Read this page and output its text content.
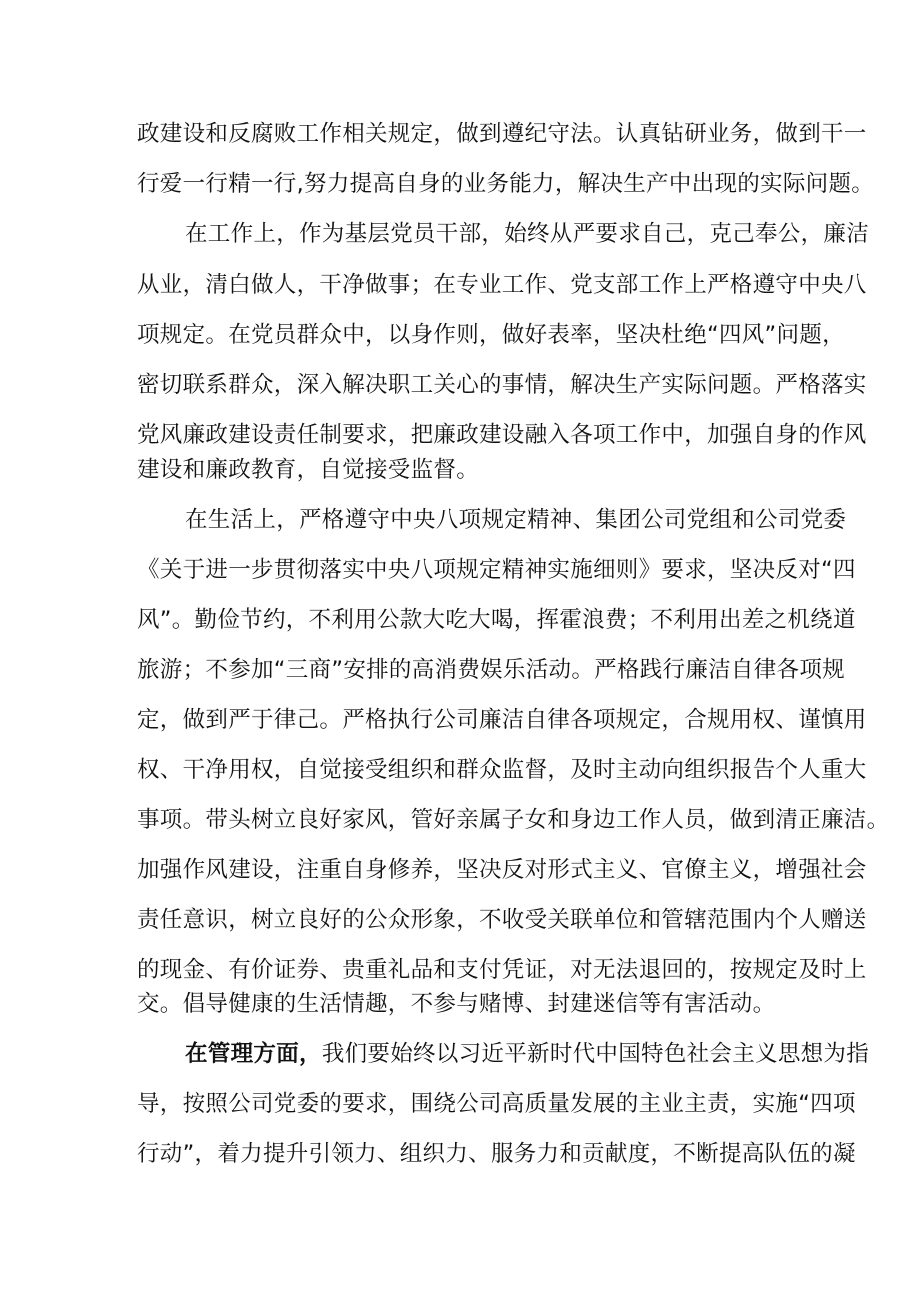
政建设和反腐败工作相关规定，做到遵纪守法。认真钻研业务，做到干一
行爱一行精一行,努力提高自身的业务能力，解决生产中出现的实际问题。
在工作上，作为基层党员干部，始终从严要求自己，克己奉公，廉洁
从业，清白做人，干净做事；在专业工作、党支部工作上严格遵守中央八
项规定。在党员群众中，以身作则，做好表率，坚决杜绝“四风”问题，
密切联系群众，深入解决职工关心的事情，解决生产实际问题。严格落实
党风廉政建设责任制要求，把廉政建设融入各项工作中，加强自身的作风
建设和廉政教育，自觉接受监督。
在生活上，严格遵守中央八项规定精神、集团公司党组和公司党委
《关于进一步贯彻落实中央八项规定精神实施细则》要求，坚决反对“四
风”。勤俭节约，不利用公款大吃大喝，挥霍浪费；不利用出差之机绕道
旅游；不参加“三商”安排的高消费娱乐活动。严格践行廉洁自律各项规
定，做到严于律己。严格执行公司廉洁自律各项规定，合规用权、谨慎用
权、干净用权，自觉接受组织和群众监督，及时主动向组织报告个人重大
事项。带头树立良好家风，管好亲属子女和身边工作人员，做到清正廉洁。
加强作风建设，注重自身修养，坚决反对形式主义、官僚主义，增强社会
责任意识，树立良好的公众形象，不收受关联单位和管辖范围内个人赠送
的现金、有价证券、贵重礼品和支付凭证，对无法退回的，按规定及时上
交。倡导健康的生活情趣，不参与赌博、封建迷信等有害活动。
在管理方面，我们要始终以习近平新时代中国特色社会主义思想为指
导，按照公司党委的要求，围绕公司高质量发展的主业主责，实施“四项
行动”，着力提升引领力、组织力、服务力和贡献度，不断提高队伍的凝
